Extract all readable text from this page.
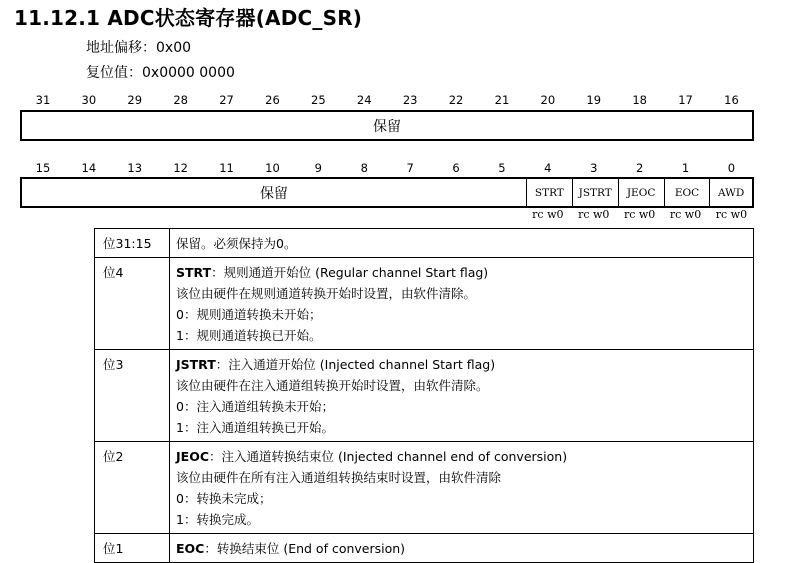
11.12.1 ADC状态寄存器(ADC_SR)
地址偏移：0x00
复位值：0x0000 0000
31	30	29	28	27	26	25	24	23	22	21	20	19	18	17	16
保留
15	14	13	12	11	10	9	8	7	6	5	4	3	2	1	0
保留	STRT	JSTRT	JEOC	EOC	AWD
rc w0	rc w0	rc w0	rc w0	rc w0
位31:15	保留。必须保持为0。

位4	STRT：规则通道开始位 (Regular channel Start flag)
该位由硬件在规则通道转换开始时设置，由软件清除。
0：规则通道转换未开始；
1：规则通道转换已开始。

位3	JSTRT：注入通道开始位 (Injected channel Start flag)
该位由硬件在注入通道组转换开始时设置，由软件清除。
0：注入通道组转换未开始；
1：注入通道组转换已开始。

位2	JEOC：注入通道转换结束位 (Injected channel end of conversion)
该位由硬件在所有注入通道组转换结束时设置，由软件清除
0：转换未完成；
1：转换完成。

位1	EOC：转换结束位 (End of conversion)
